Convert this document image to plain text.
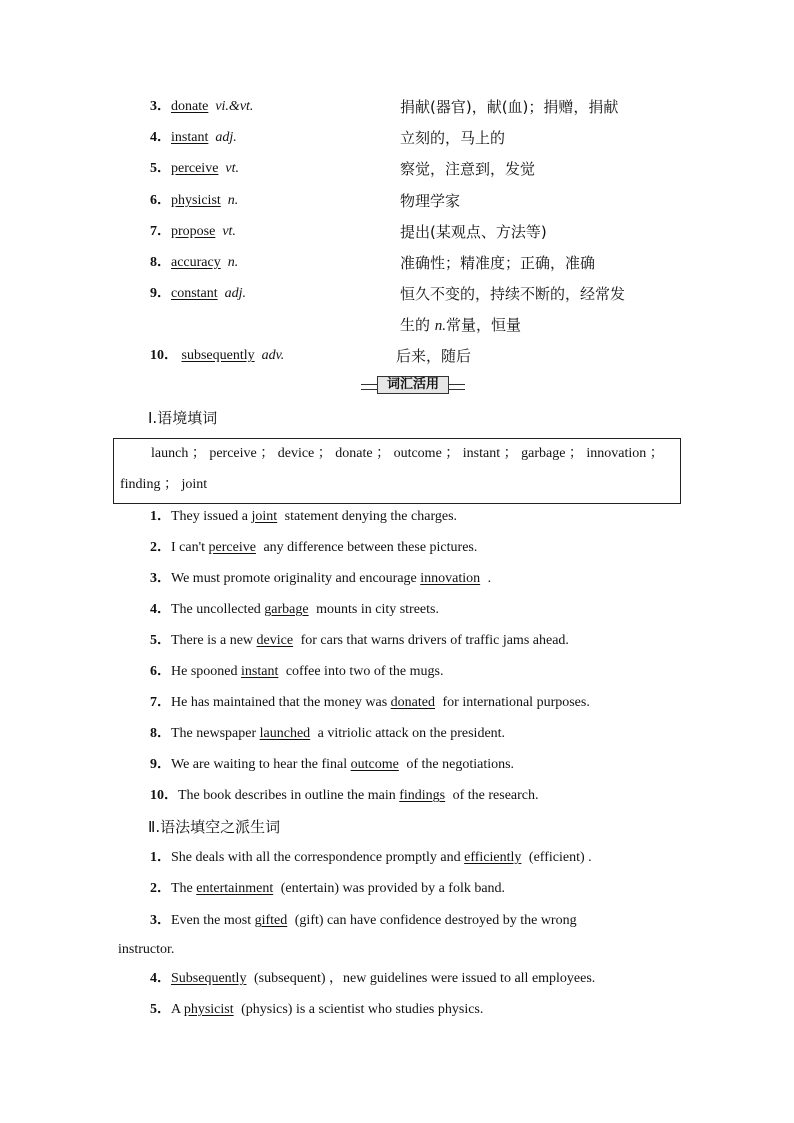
3．donate vi.&vt.	捐献(器官)，献(血)；捐赠，捐献
4．instant adj.	立刻的，马上的
5．perceive vt.	察觉，注意到，发觉
6．physicist n.	物理学家
7．propose vt.	提出(某观点、方法等)
8．accuracy n.	准确性；精准度；正确，准确
9．constant adj.	恒久不变的，持续不断的，经常发
生的 n.常量，恒量
10． subsequently adv.	后来，随后
词汇活用
Ⅰ.语境填词
launch ； perceive ； device ； donate ； outcome ； instant ； garbage ； innovation ；
finding ； joint
1．They issued a joint statement denying the charges.
2．I can't perceive any difference between these pictures.
3．We must promote originality and encourage innovation .
4．The uncollected garbage mounts in city streets.
5．There is a new device for cars that warns drivers of traffic jams ahead.
6．He spooned instant coffee into two of the mugs.
7．He has maintained that the money was donated for international purposes.
8．The newspaper launched a vitriolic attack on the president.
9．We are waiting to hear the final outcome of the negotiations.
10．The book describes in outline the main findings of the research.
Ⅱ.语法填空之派生词
1．She deals with all the correspondence promptly and efficiently (efficient) .
2．The entertainment (entertain) was provided by a folk band.
3．Even the most gifted (gift) can have confidence destroyed by the wrong
instructor.
4．Subsequently (subsequent) ，new guidelines were issued to all employees.
5．A physicist (physics) is a scientist who studies physics.
